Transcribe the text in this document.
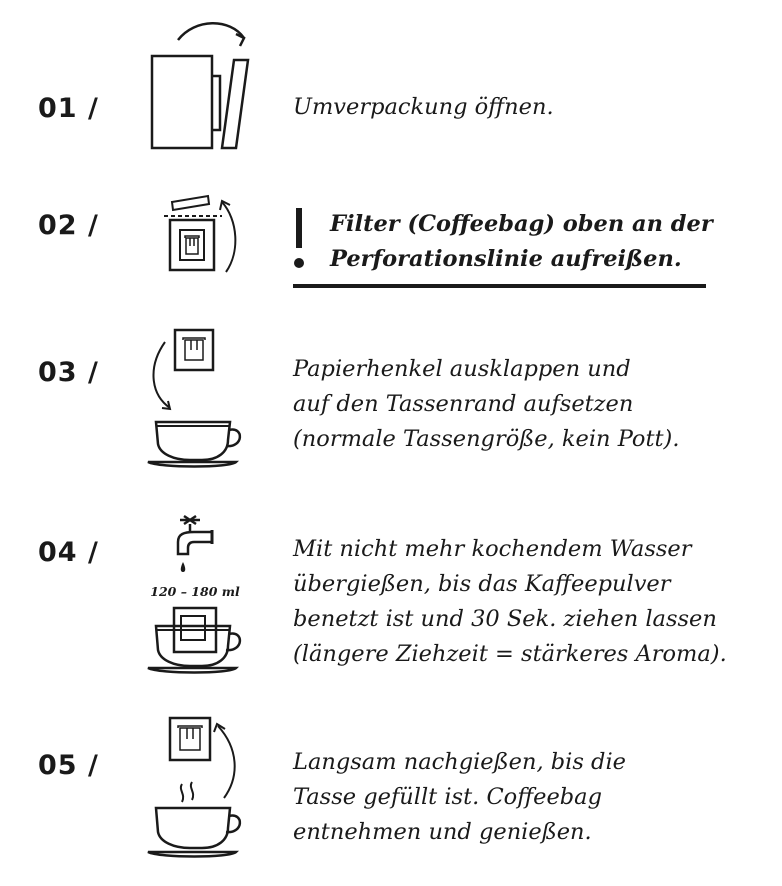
01 /	Umverpackung öffnen.
02 /	Filter (Coffeebag) oben an der
Perforationslinie aufreißen.
03 /	Papierhenkel ausklappen und
auf den Tassenrand aufsetzen
(normale Tassengröße, kein Pott).
04 /
120 – 180 ml
Mit nicht mehr kochendem Wasser
übergießen, bis das Kaffeepulver
benetzt ist und 30 Sek. ziehen lassen
(längere Ziehzeit = stärkeres Aroma).
05 /	Langsam nachgießen, bis die
Tasse gefüllt ist. Coffeebag
entnehmen und genießen.
